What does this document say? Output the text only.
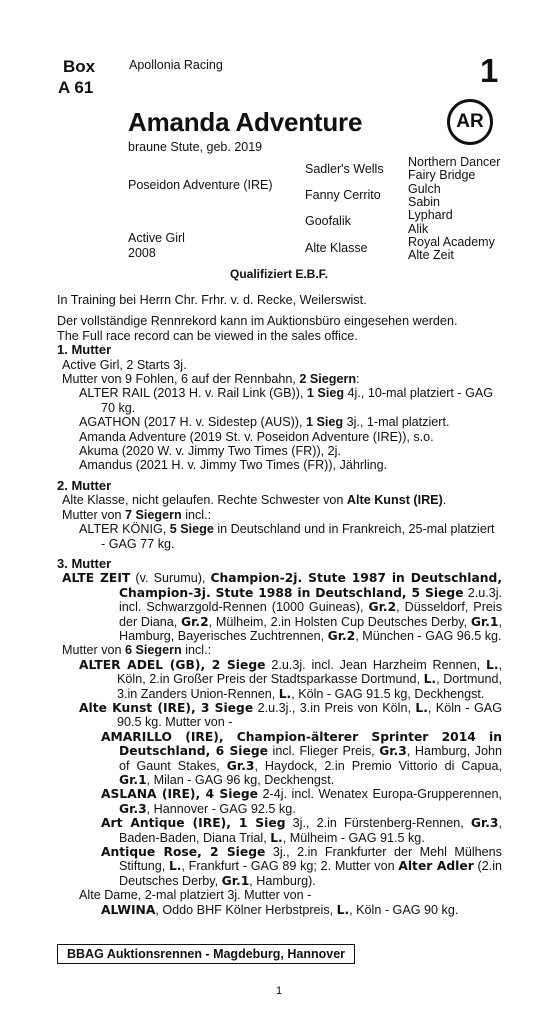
Box
A 61
Apollonia Racing	1
Amanda Adventure	AR
braune Stute, geb. 2019
Poseidon Adventure (IRE)
Active Girl
2008
Sadler's Wells
Fanny Cerrito
Goofalik
Alte Klasse
Northern Dancer
Fairy Bridge
Gulch
Sabin
Lyphard
Alik
Royal Academy
Alte Zeit
Qualifiziert E.B.F.

In Training bei Herrn Chr. Frhr. v. d. Recke, Weilerswist.

Der vollständige Rennrekord kann im Auktionsbüro eingesehen werden.

The Full race record can be viewed in the sales office.

1. Mutter

Active Girl, 2 Starts 3j.

Mutter von 9 Fohlen, 6 auf der Rennbahn, 2 Siegern:

ALTER RAIL (2013 H. v. Rail Link (GB)), 1 Sieg 4j., 10-mal platziert - GAG 70 kg.

AGATHON (2017 H. v. Sidestep (AUS)), 1 Sieg 3j., 1-mal platziert.

Amanda Adventure (2019 St. v. Poseidon Adventure (IRE)), s.o.

Akuma (2020 W. v. Jimmy Two Times (FR)), 2j.

Amandus (2021 H. v. Jimmy Two Times (FR)), Jährling.

2. Mutter

Alte Klasse, nicht gelaufen. Rechte Schwester von Alte Kunst (IRE).

Mutter von 7 Siegern incl.:

ALTER KÖNIG, 5 Siege in Deutschland und in Frankreich, 25-mal platziert - GAG 77 kg.

3. Mutter

ALTE ZEIT (v. Surumu), Champion-2j. Stute 1987 in Deutschland, Champion-3j. Stute 1988 in Deutschland, 5 Siege 2.u.3j. incl. Schwarzgold-Rennen (1000 Guineas), Gr.2, Düsseldorf, Preis der Diana, Gr.2, Mülheim, 2.in Holsten Cup Deutsches Derby, Gr.1, Hamburg, Bayerisches Zuchtrennen, Gr.2, München - GAG 96.5 kg.

Mutter von 6 Siegern incl.:

ALTER ADEL (GB), 2 Siege 2.u.3j. incl. Jean Harzheim Rennen, L., Köln, 2.in Großer Preis der Stadtsparkasse Dortmund, L., Dortmund, 3.in Zanders Union-Rennen, L., Köln - GAG 91.5 kg, Deckhengst.

Alte Kunst (IRE), 3 Siege 2.u.3j., 3.in Preis von Köln, L., Köln - GAG 90.5 kg. Mutter von -

AMARILLO (IRE), Champion-älterer Sprinter 2014 in Deutschland, 6 Siege incl. Flieger Preis, Gr.3, Hamburg, John of Gaunt Stakes, Gr.3, Haydock, 2.in Premio Vittorio di Capua, Gr.1, Milan - GAG 96 kg, Deckhengst.

ASLANA (IRE), 4 Siege 2-4j. incl. Wenatex Europa-Grupperennen, Gr.3, Hannover - GAG 92.5 kg.

Art Antique (IRE), 1 Sieg 3j., 2.in Fürstenberg-Rennen, Gr.3, Baden-Baden, Diana Trial, L., Mülheim - GAG 91.5 kg.

Antique Rose, 2 Siege 3j., 2.in Frankfurter der Mehl Mülhens Stiftung, L., Frankfurt - GAG 89 kg; 2. Mutter von Alter Adler (2.in Deutsches Derby, Gr.1, Hamburg).

Alte Dame, 2-mal platziert 3j. Mutter von -

ALWINA, Oddo BHF Kölner Herbstpreis, L., Köln - GAG 90 kg.

BBAG Auktionsrennen - Magdeburg, Hannover
1
